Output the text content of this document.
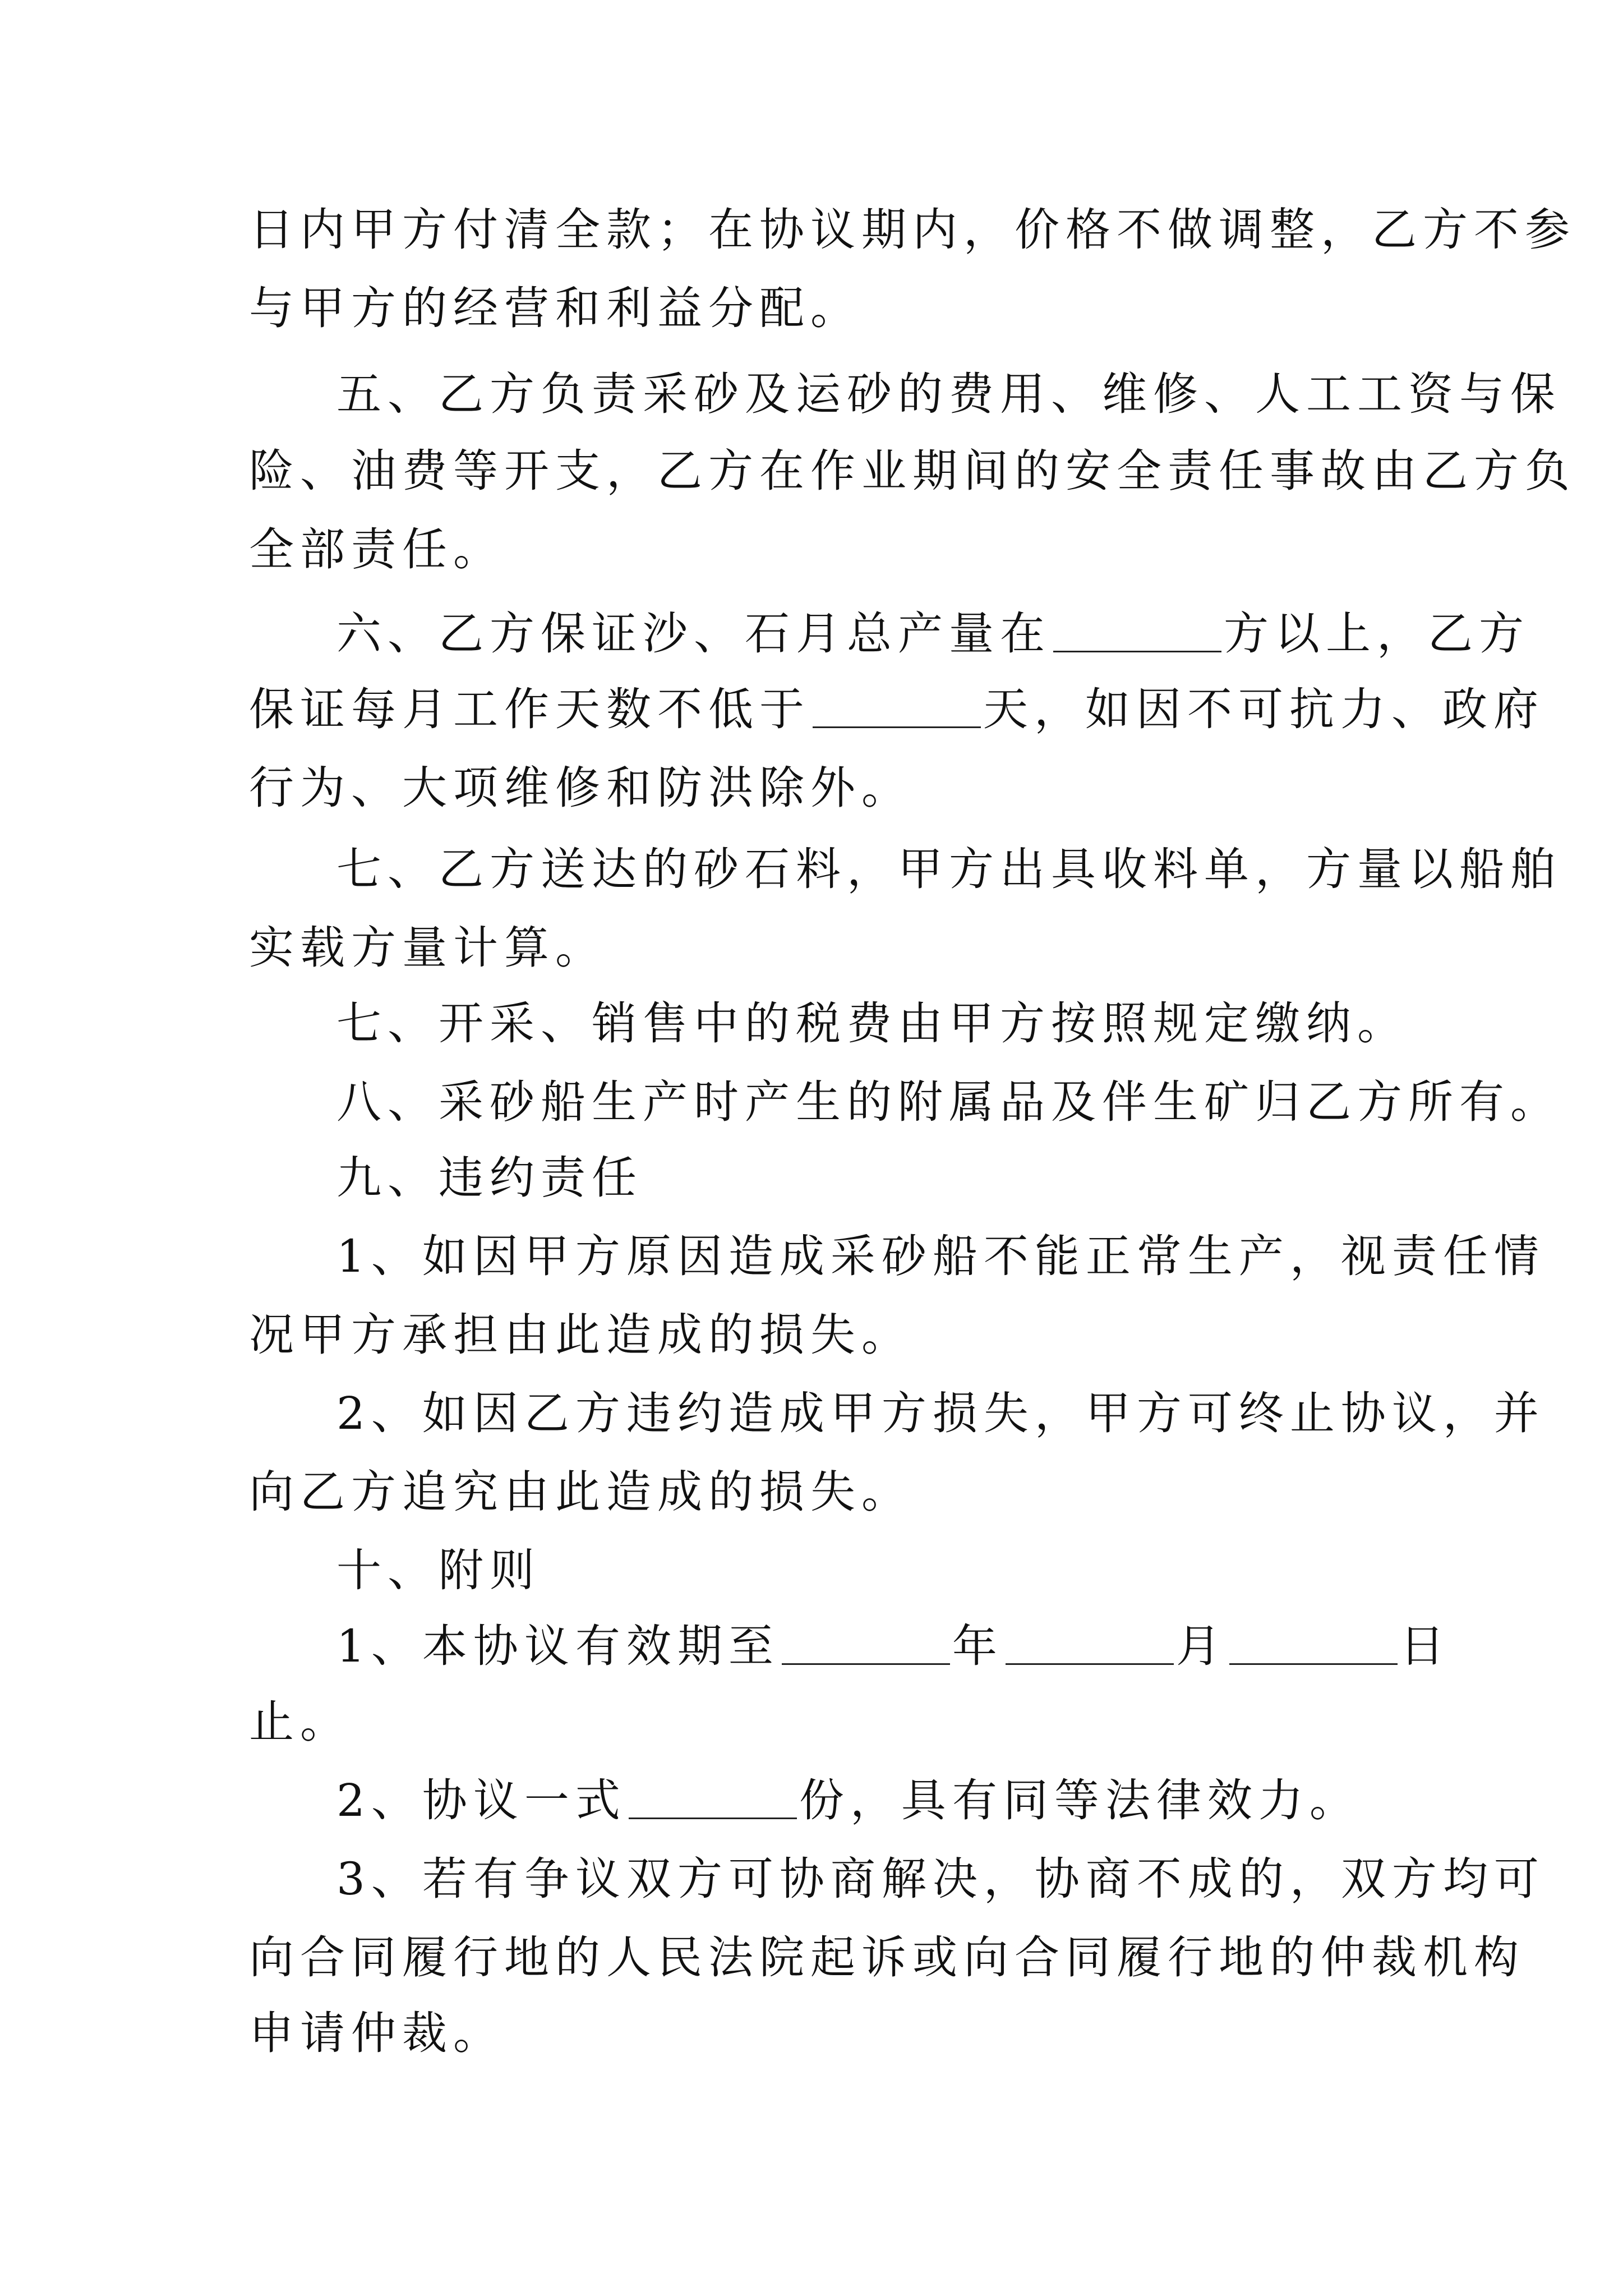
日内甲方付清全款；在协议期内，价格不做调整，乙方不参
与甲方的经营和利益分配。
五、乙方负责采砂及运砂的费用、维修、人工工资与保
险、油费等开支，乙方在作业期间的安全责任事故由乙方负
全部责任。
六、乙方保证沙、石月总产量在	方以上，乙方
保证每月工作天数不低于	天，如因不可抗力、政府
行为、大项维修和防洪除外。
七、乙方送达的砂石料，甲方出具收料单，方量以船舶
实载方量计算。
七、开采、销售中的税费由甲方按照规定缴纳。
八、采砂船生产时产生的附属品及伴生矿归乙方所有。
九、违约责任
1、如因甲方原因造成采砂船不能正常生产，视责任情
况甲方承担由此造成的损失。
2、如因乙方违约造成甲方损失，甲方可终止协议，并
向乙方追究由此造成的损失。
十、附则
1、本协议有效期至	年	月	日
止。
2、协议一式	份，具有同等法律效力。
3、若有争议双方可协商解决，协商不成的，双方均可
向合同履行地的人民法院起诉或向合同履行地的仲裁机构
申请仲裁。
